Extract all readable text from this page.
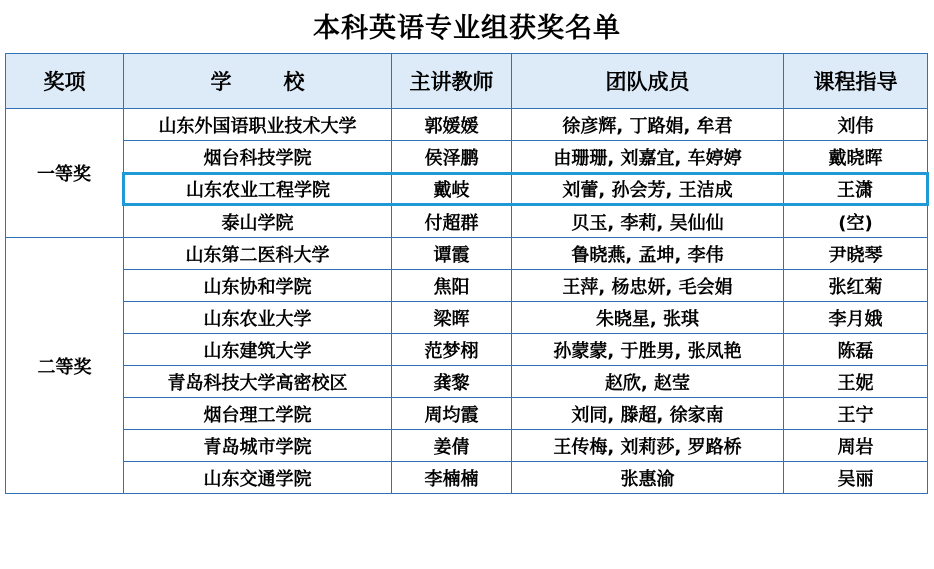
本科英语专业组获奖名单
奖项	学 校	主讲教师	团队成员	课程指导
一等奖	山东外国语职业技术大学	郭媛媛	徐彦辉, 丁路娟, 牟君	刘伟
	烟台科技学院	侯泽鹏	由珊珊, 刘嘉宜, 车婷婷	戴晓晖
	山东农业工程学院	戴岐	刘蕾, 孙会芳, 王洁成	王潇
	泰山学院	付超群	贝玉, 李莉, 吴仙仙	(空)
二等奖	山东第二医科大学	谭霞	鲁晓燕, 孟坤, 李伟	尹晓琴
	山东协和学院	焦阳	王萍, 杨忠妍, 毛会娟	张红菊
	山东农业大学	梁晖	朱晓星, 张琪	李月娥
	山东建筑大学	范梦栩	孙蒙蒙, 于胜男, 张凤艳	陈磊
	青岛科技大学高密校区	龚黎	赵欣, 赵莹	王妮
	烟台理工学院	周均霞	刘同, 滕超, 徐家南	王宁
	青岛城市学院	姜倩	王传梅, 刘莉莎, 罗路桥	周岩
	山东交通学院	李楠楠	张惠渝	吴丽
